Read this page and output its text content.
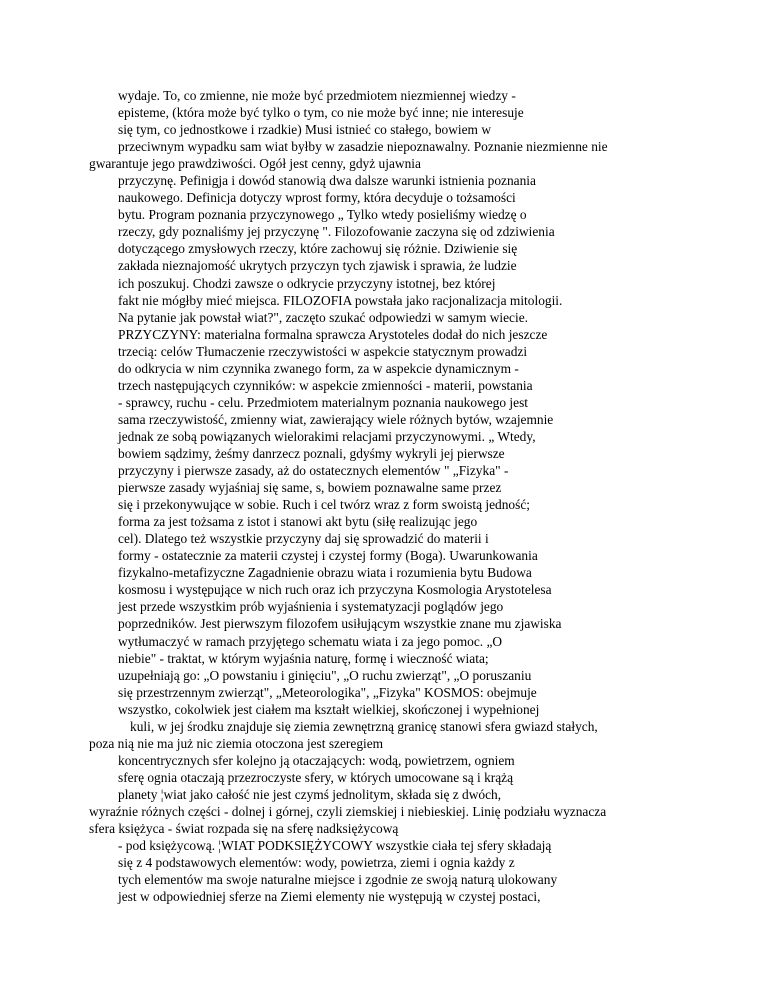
wydaje. To, co zmienne, nie może być przedmiotem niezmiennej wiedzy -
episteme, (która może być tylko o tym, co nie może być inne; nie interesuje
się tym, co jednostkowe i rzadkie) Musi istnieć co stałego, bowiem w
przeciwnym wypadku sam wiat byłby w zasadzie niepoznawalny. Poznanie niezmienne nie
gwarantuje jego prawdziwości. Ogół jest cenny, gdyż ujawnia
przyczynę. Pefinigja i dowód stanowią dwa dalsze warunki istnienia poznania
naukowego. Definicja dotyczy wprost formy, która decyduje o tożsamości
bytu. Program poznania przyczynowego „ Tylko wtedy posieliśmy wiedzę o
rzeczy, gdy poznaliśmy jej przyczynę ". Filozofowanie zaczyna się od zdziwienia
dotyczącego zmysłowych rzeczy, które zachowuj się różnie. Dziwienie się
zakłada nieznajomość ukrytych przyczyn tych zjawisk i sprawia, że ludzie
ich poszukuj. Chodzi zawsze o odkrycie przyczyny istotnej, bez której
fakt nie mógłby mieć miejsca. FILOZOFIA powstała jako racjonalizacja mitologii.
Na pytanie jak powstał wiat?", zaczęto szukać odpowiedzi w samym wiecie.
PRZYCZYNY: materialna formalna sprawcza Arystoteles dodał do nich jeszcze
trzecią: celów Tłumaczenie rzeczywistości w aspekcie statycznym prowadzi
do odkrycia w nim czynnika zwanego form, za w aspekcie dynamicznym -
trzech następujących czynników: w aspekcie zmienności - materii, powstania
- sprawcy, ruchu - celu. Przedmiotem materialnym poznania naukowego jest
sama rzeczywistość, zmienny wiat, zawierający wiele różnych bytów, wzajemnie
jednak ze sobą powiązanych wielorakimi relacjami przyczynowymi. „ Wtedy,
bowiem sądzimy, żeśmy danrzecz poznali, gdyśmy wykryli jej pierwsze
przyczyny i pierwsze zasady, aż do ostatecznych elementów " „Fizyka" -
pierwsze zasady wyjaśniaj się same, s, bowiem poznawalne same przez
się i przekonywujące w sobie. Ruch i cel twórz wraz z form swoistą jedność;
forma za jest tożsama z istot i stanowi akt bytu (siłę realizując jego
cel). Dlatego też wszystkie przyczyny daj się sprowadzić do materii i
formy - ostatecznie za materii czystej i czystej formy (Boga). Uwarunkowania
fizykalno-metafizyczne Zagadnienie obrazu wiata i rozumienia bytu Budowa
kosmosu i występujące w nich ruch oraz ich przyczyna Kosmologia Arystotelesa
jest przede wszystkim prób wyjaśnienia i systematyzacji poglądów jego
poprzedników. Jest pierwszym filozofem usiłującym wszystkie znane mu zjawiska
wytłumaczyć w ramach przyjętego schematu wiata i za jego pomoc. „O
niebie" - traktat, w którym wyjaśnia naturę, formę i wieczność wiata;
uzupełniają go: „O powstaniu i ginięciu", „O ruchu zwierząt", „O poruszaniu
się przestrzennym zwierząt", „Meteorologika", „Fizyka" KOSMOS: obejmuje
wszystko, cokolwiek jest ciałem ma kształt wielkiej, skończonej i wypełnionej
kuli, w jej środku znajduje się ziemia zewnętrzną granicę stanowi sfera gwiazd stałych,
poza nią nie ma już nic ziemia otoczona jest szeregiem
koncentrycznych sfer kolejno ją otaczających: wodą, powietrzem, ogniem
sferę ognia otaczają przezroczyste sfery, w których umocowane są i krążą
planety ¦wiat jako całość nie jest czymś jednolitym, składa się z dwóch,
wyraźnie różnych części - dolnej i górnej, czyli ziemskiej i niebieskiej. Linię podziału wyznacza
sfera księżyca - świat rozpada się na sferę nadksiężycową
- pod księżycową. ¦WIAT PODKSIĘŻYCOWY wszystkie ciała tej sfery składają
się z 4 podstawowych elementów: wody, powietrza, ziemi i ognia każdy z
tych elementów ma swoje naturalne miejsce i zgodnie ze swoją naturą ulokowany
jest w odpowiedniej sferze na Ziemi elementy nie występują w czystej postaci,
